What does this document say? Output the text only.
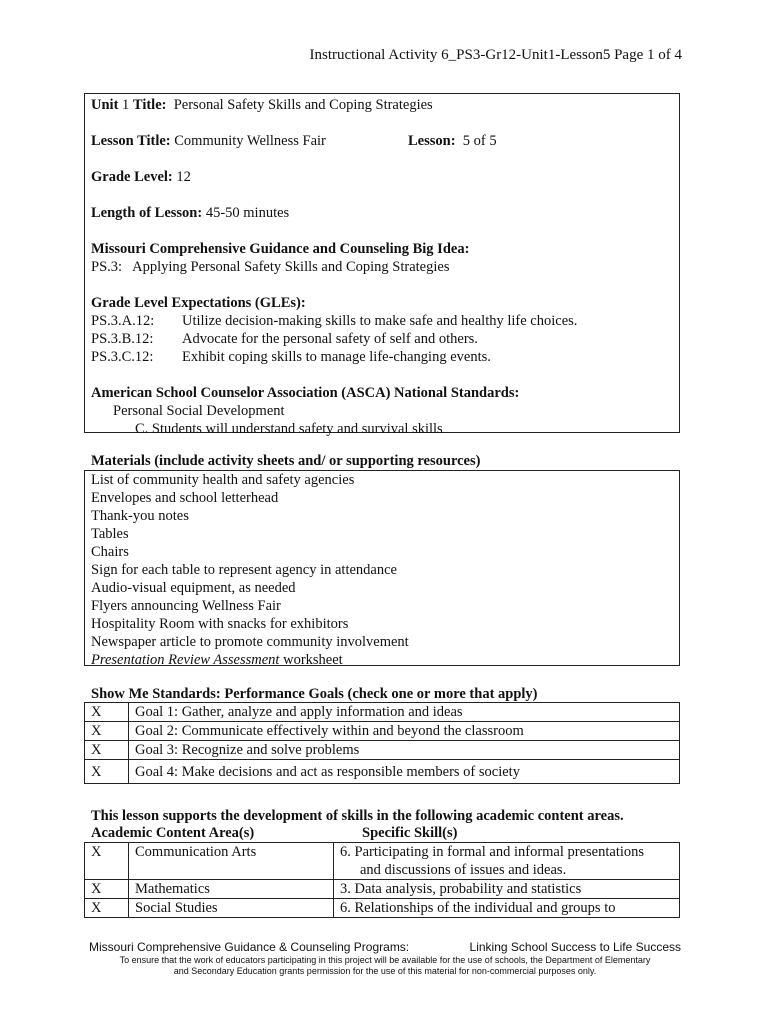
Instructional Activity 6_PS3-Gr12-Unit1-Lesson5 Page 1 of 4

Unit 1 Title: Personal Safety Skills and Coping Strategies

Lesson Title: Community Wellness Fair	Lesson: 5 of 5

Grade Level: 12

Length of Lesson: 45-50 minutes

Missouri Comprehensive Guidance and Counseling Big Idea:

PS.3:   Applying Personal Safety Skills and Coping Strategies

Grade Level Expectations (GLEs):

PS.3.A.12:	Utilize decision-making skills to make safe and healthy life choices.
PS.3.B.12:	Advocate for the personal safety of self and others.
PS.3.C.12:	Exhibit coping skills to manage life-changing events.

American School Counselor Association (ASCA) National Standards:

Personal Social Development

C. Students will understand safety and survival skills

Materials (include activity sheets and/ or supporting resources)
List of community health and safety agencies
Envelopes and school letterhead
Thank-you notes
Tables
Chairs
Sign for each table to represent agency in attendance
Audio-visual equipment, as needed
Flyers announcing Wellness Fair
Hospitality Room with snacks for exhibitors
Newspaper article to promote community involvement
Presentation Review Assessment worksheet
Show Me Standards: Performance Goals (check one or more that apply)
X	Goal 1: Gather, analyze and apply information and ideas
X	Goal 2: Communicate effectively within and beyond the classroom
X	Goal 3: Recognize and solve problems
X	Goal 4: Make decisions and act as responsible members of society
This lesson supports the development of skills in the following academic content areas.
Academic Content Area(s)	Specific Skill(s)
X	Communication Arts	6. Participating in formal and informal presentations
and discussions of issues and ideas.

X	Mathematics	3. Data analysis, probability and statistics
X	Social Studies	6. Relationships of the individual and groups to
Missouri Comprehensive Guidance & Counseling Programs:	Linking School Success to Life Success
To ensure that the work of educators participating in this project will be available for the use of schools, the Department of Elementary
and Secondary Education grants permission for the use of this material for non-commercial purposes only.
